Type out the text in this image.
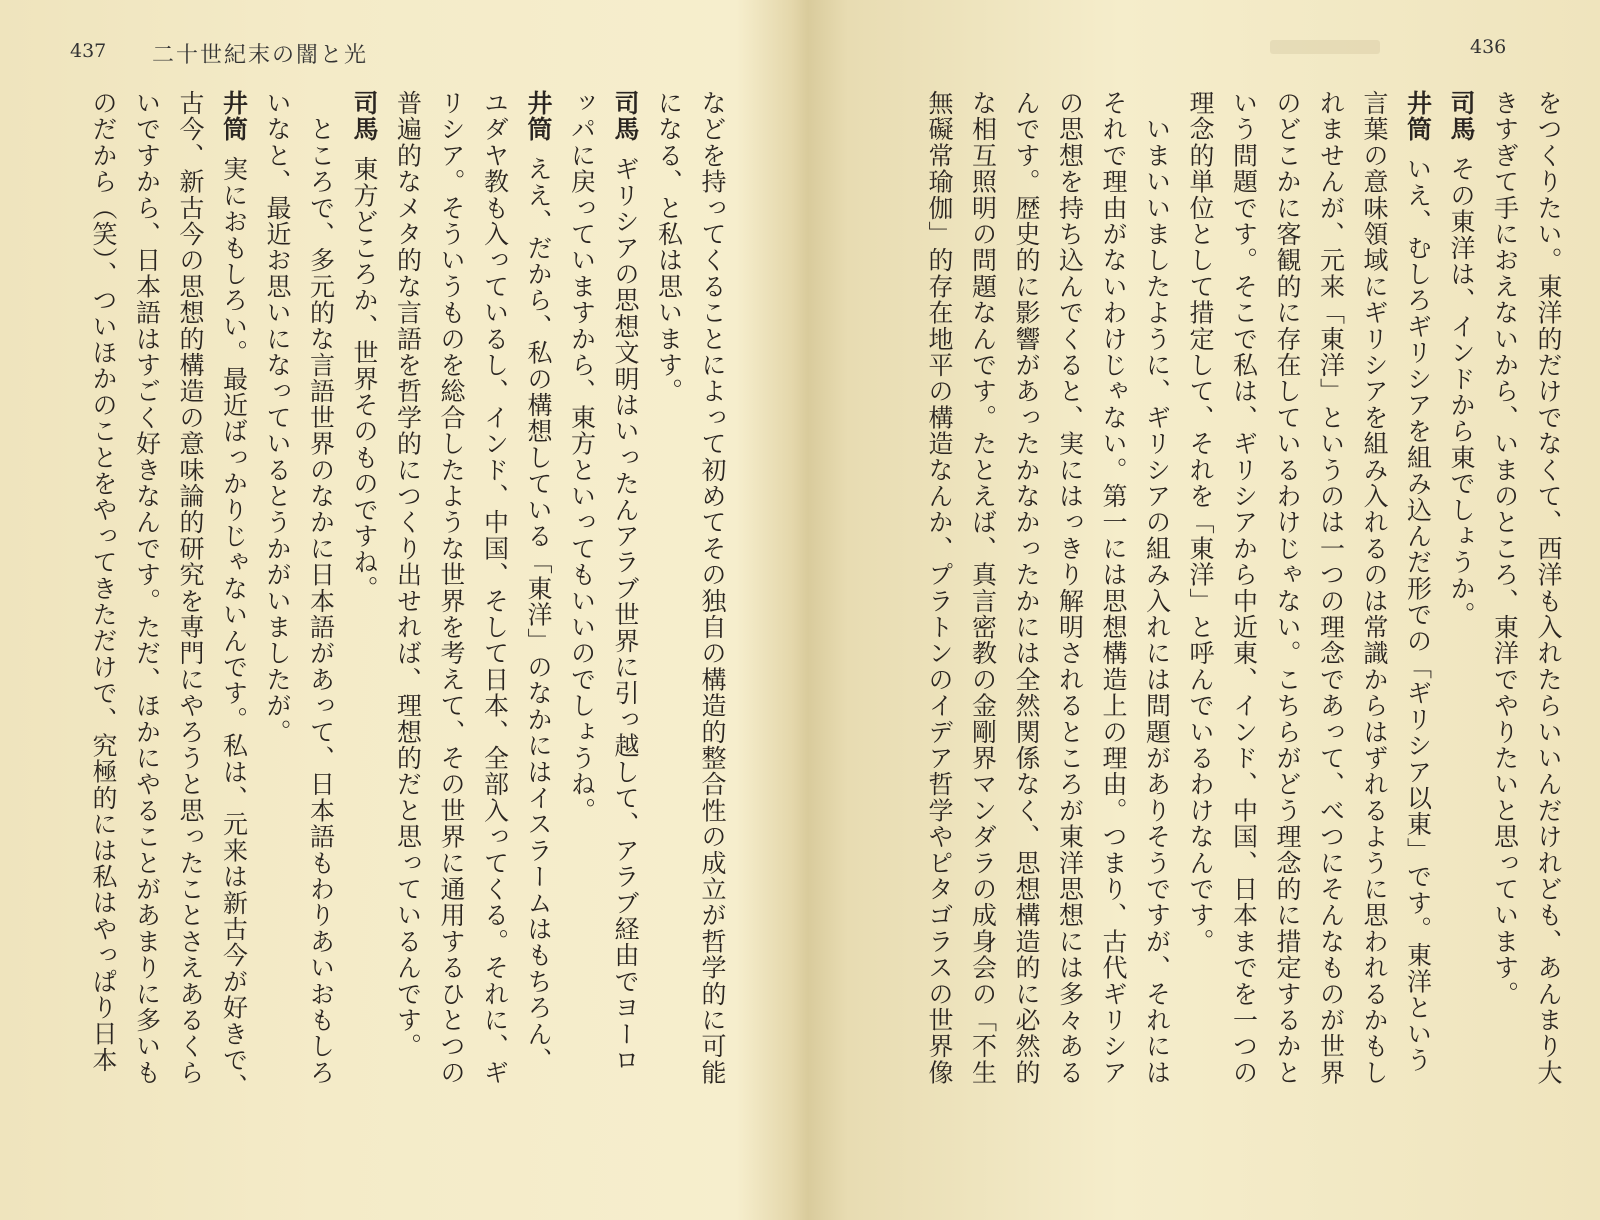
437 二十世紀末の闇と光
などを持ってくることによって初めてその独自の構造的整合性の成立が哲学的に可能
になる、と私は思います。
司馬ギリシアの思想文明はいったんアラブ世界に引っ越して、アラブ経由でヨーロ
ッパに戻っていますから、東方といってもいいのでしょうね。
井筒ええ、だから、私の構想している「東洋」のなかにはイスラームはもちろん、
ユダヤ教も入っているし、インド、中国、そして日本、全部入ってくる。それに、ギ
リシア。そういうものを総合したような世界を考えて、その世界に通用するひとつの
普遍的なメタ的な言語を哲学的につくり出せれば、理想的だと思っているんです。
司馬東方どころか、世界そのものですね。
　ところで、多元的な言語世界のなかに日本語があって、日本語もわりあいおもしろ
いなと、最近お思いになっているとうかがいましたが。
井筒実におもしろい。最近ばっかりじゃないんです。私は、元来は新古今が好きで、
古今、新古今の思想的構造の意味論的研究を専門にやろうと思ったことさえあるくら
いですから、日本語はすごく好きなんです。ただ、ほかにやることがあまりに多いも
のだから（笑）、ついほかのことをやってきただけで、究極的には私はやっぱり日本
436
をつくりたい。東洋的だけでなくて、西洋も入れたらいいんだけれども、あんまり大
きすぎて手におえないから、いまのところ、東洋でやりたいと思っています。
司馬その東洋は、インドから東でしょうか。
井筒いえ、むしろギリシアを組み込んだ形での「ギリシア以東」です。東洋という
言葉の意味領域にギリシアを組み入れるのは常識からはずれるように思われるかもし
れませんが、元来「東洋」というのは一つの理念であって、べつにそんなものが世界
のどこかに客観的に存在しているわけじゃない。こちらがどう理念的に措定するかと
いう問題です。そこで私は、ギリシアから中近東、インド、中国、日本までを一つの
理念的単位として措定して、それを「東洋」と呼んでいるわけなんです。
　いまいいましたように、ギリシアの組み入れには問題がありそうですが、それには
それで理由がないわけじゃない。第一には思想構造上の理由。つまり、古代ギリシア
の思想を持ち込んでくると、実にはっきり解明されるところが東洋思想には多々ある
んです。歴史的に影響があったかなかったかには全然関係なく、思想構造的に必然的
な相互照明の問題なんです。たとえば、真言密教の金剛界マンダラの成身会の「不生
無礙常瑜伽」的存在地平の構造なんか、プラトンのイデア哲学やピタゴラスの世界像
